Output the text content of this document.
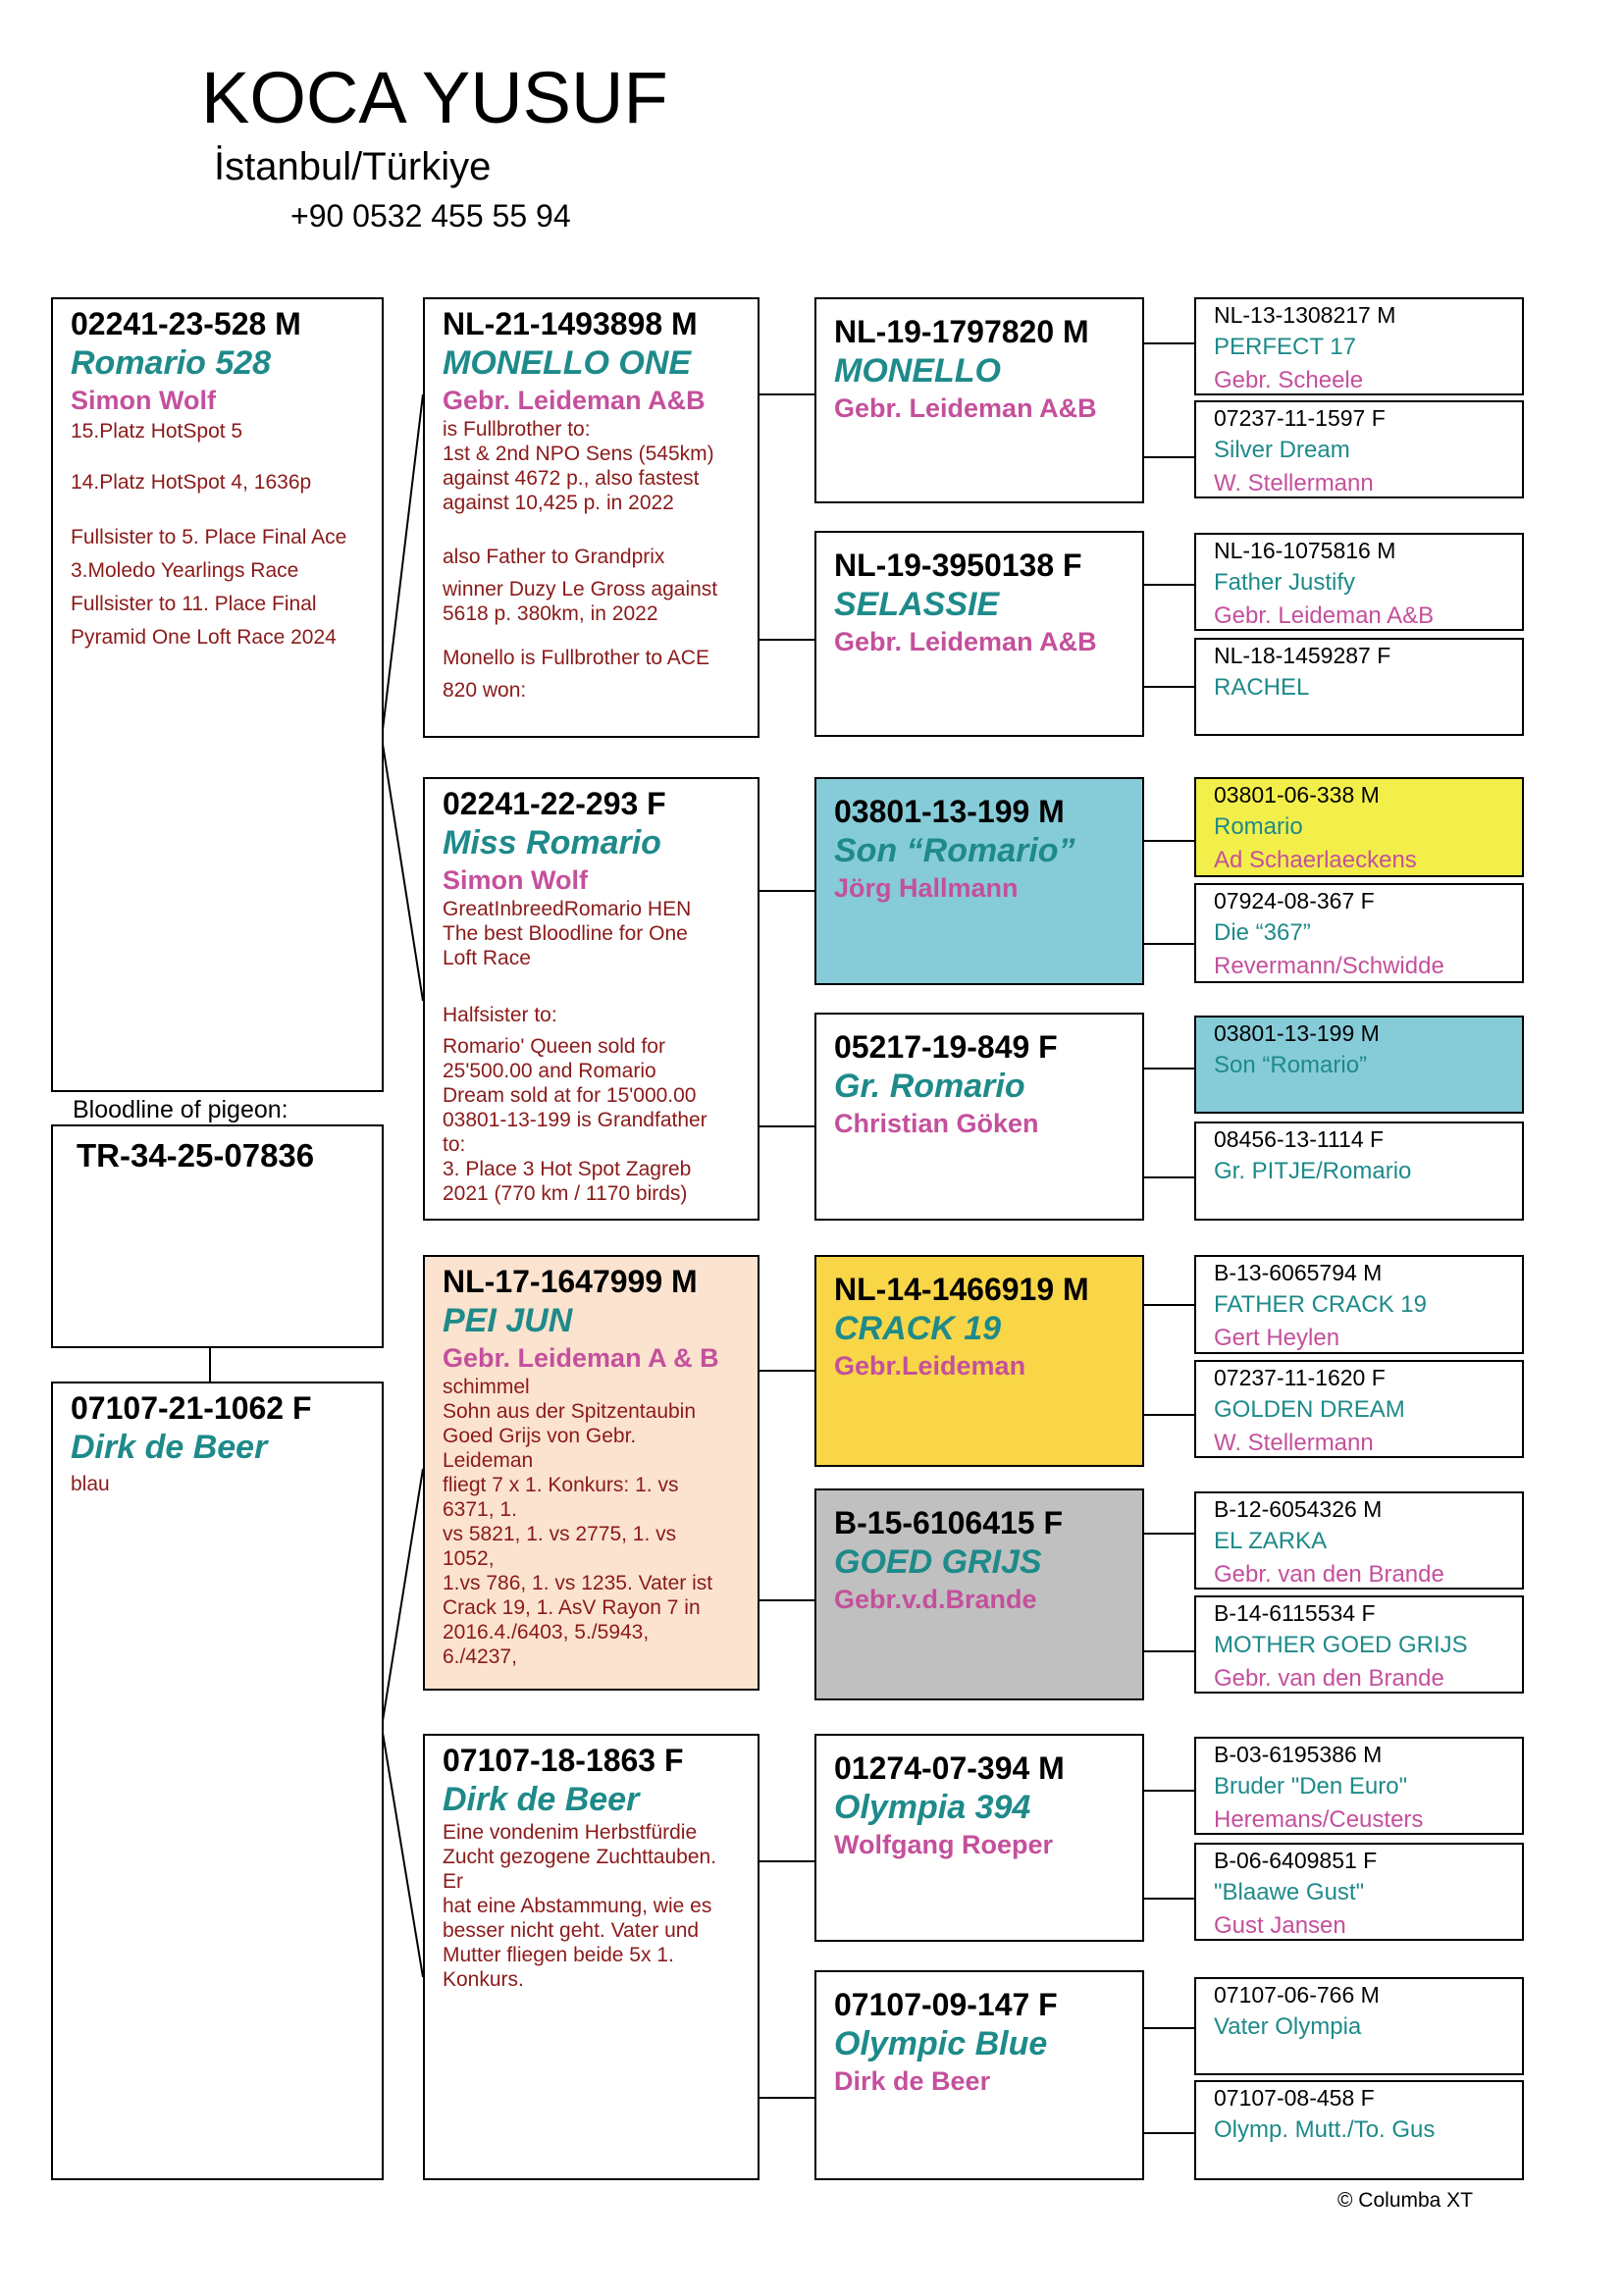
KOCA YUSUF
İstanbul/Türkiye
+90 0532 455 55 94
02241-23-528 M
Romario 528
Simon Wolf
15.Platz HotSpot 5
14.Platz HotSpot 4, 1636p
Fullsister to 5. Place Final Ace
3.Moledo Yearlings Race
Fullsister to 11. Place Final
Pyramid One Loft Race 2024
Bloodline of pigeon:
TR-34-25-07836
07107-21-1062 F
Dirk de Beer
blau
NL-21-1493898 M
MONELLO ONE
Gebr. Leideman A&B
is Fullbrother to:
1st & 2nd NPO Sens (545km)
against 4672 p., also fastest
against 10,425 p. in 2022
also Father to Grandprix
winner Duzy Le Gross against
5618 p. 380km, in 2022
Monello is Fullbrother to ACE
820 won:
02241-22-293 F
Miss Romario
Simon Wolf
GreatInbreedRomario HEN
The best Bloodline for One
Loft Race
Halfsister to:
Romario' Queen sold for
25'500.00 and Romario
Dream sold at for 15'000.00
03801-13-199 is Grandfather
to:
3. Place 3 Hot Spot Zagreb
2021 (770 km / 1170 birds)
NL-17-1647999 M
PEI JUN
Gebr. Leideman A & B
schimmel
Sohn aus der Spitzentaubin
Goed Grijs von Gebr.
Leideman
fliegt 7 x 1. Konkurs: 1. vs
6371, 1.
vs 5821, 1. vs 2775, 1. vs
1052,
1.vs 786, 1. vs 1235. Vater ist
Crack 19, 1. AsV Rayon 7 in
2016.4./6403, 5./5943,
6./4237,
07107-18-1863 F
Dirk de Beer
Eine vondenim Herbstfürdie
Zucht gezogene Zuchttauben.
Er
hat eine Abstammung, wie es
besser nicht geht. Vater und
Mutter fliegen beide 5x 1.
Konkurs.
NL-19-1797820 M
MONELLO
Gebr. Leideman A&B
NL-19-3950138 F
SELASSIE
Gebr. Leideman A&B
03801-13-199 M
Son “Romario”
Jörg Hallmann
05217-19-849 F
Gr. Romario
Christian Göken
NL-14-1466919 M
CRACK 19
Gebr.Leideman
B-15-6106415 F
GOED GRIJS
Gebr.v.d.Brande
01274-07-394 M
Olympia 394
Wolfgang Roeper
07107-09-147 F
Olympic Blue
Dirk de Beer
NL-13-1308217 M
PERFECT 17
Gebr. Scheele
07237-11-1597 F
Silver Dream
W. Stellermann
NL-16-1075816 M
Father Justify
Gebr. Leideman A&B
NL-18-1459287 F
RACHEL
03801-06-338 M
Romario
Ad Schaerlaeckens
07924-08-367 F
Die “367”
Revermann/Schwidde
03801-13-199 M
Son “Romario”
08456-13-1114 F
Gr. PITJE/Romario
B-13-6065794 M
FATHER CRACK 19
Gert Heylen
07237-11-1620 F
GOLDEN DREAM
W. Stellermann
B-12-6054326 M
EL ZARKA
Gebr. van den Brande
B-14-6115534 F
MOTHER GOED GRIJS
Gebr. van den Brande
B-03-6195386 M
Bruder "Den Euro"
Heremans/Ceusters
B-06-6409851 F
"Blaawe Gust"
Gust Jansen
07107-06-766 M
Vater Olympia
07107-08-458 F
Olymp. Mutt./To. Gus
© Columba XT
